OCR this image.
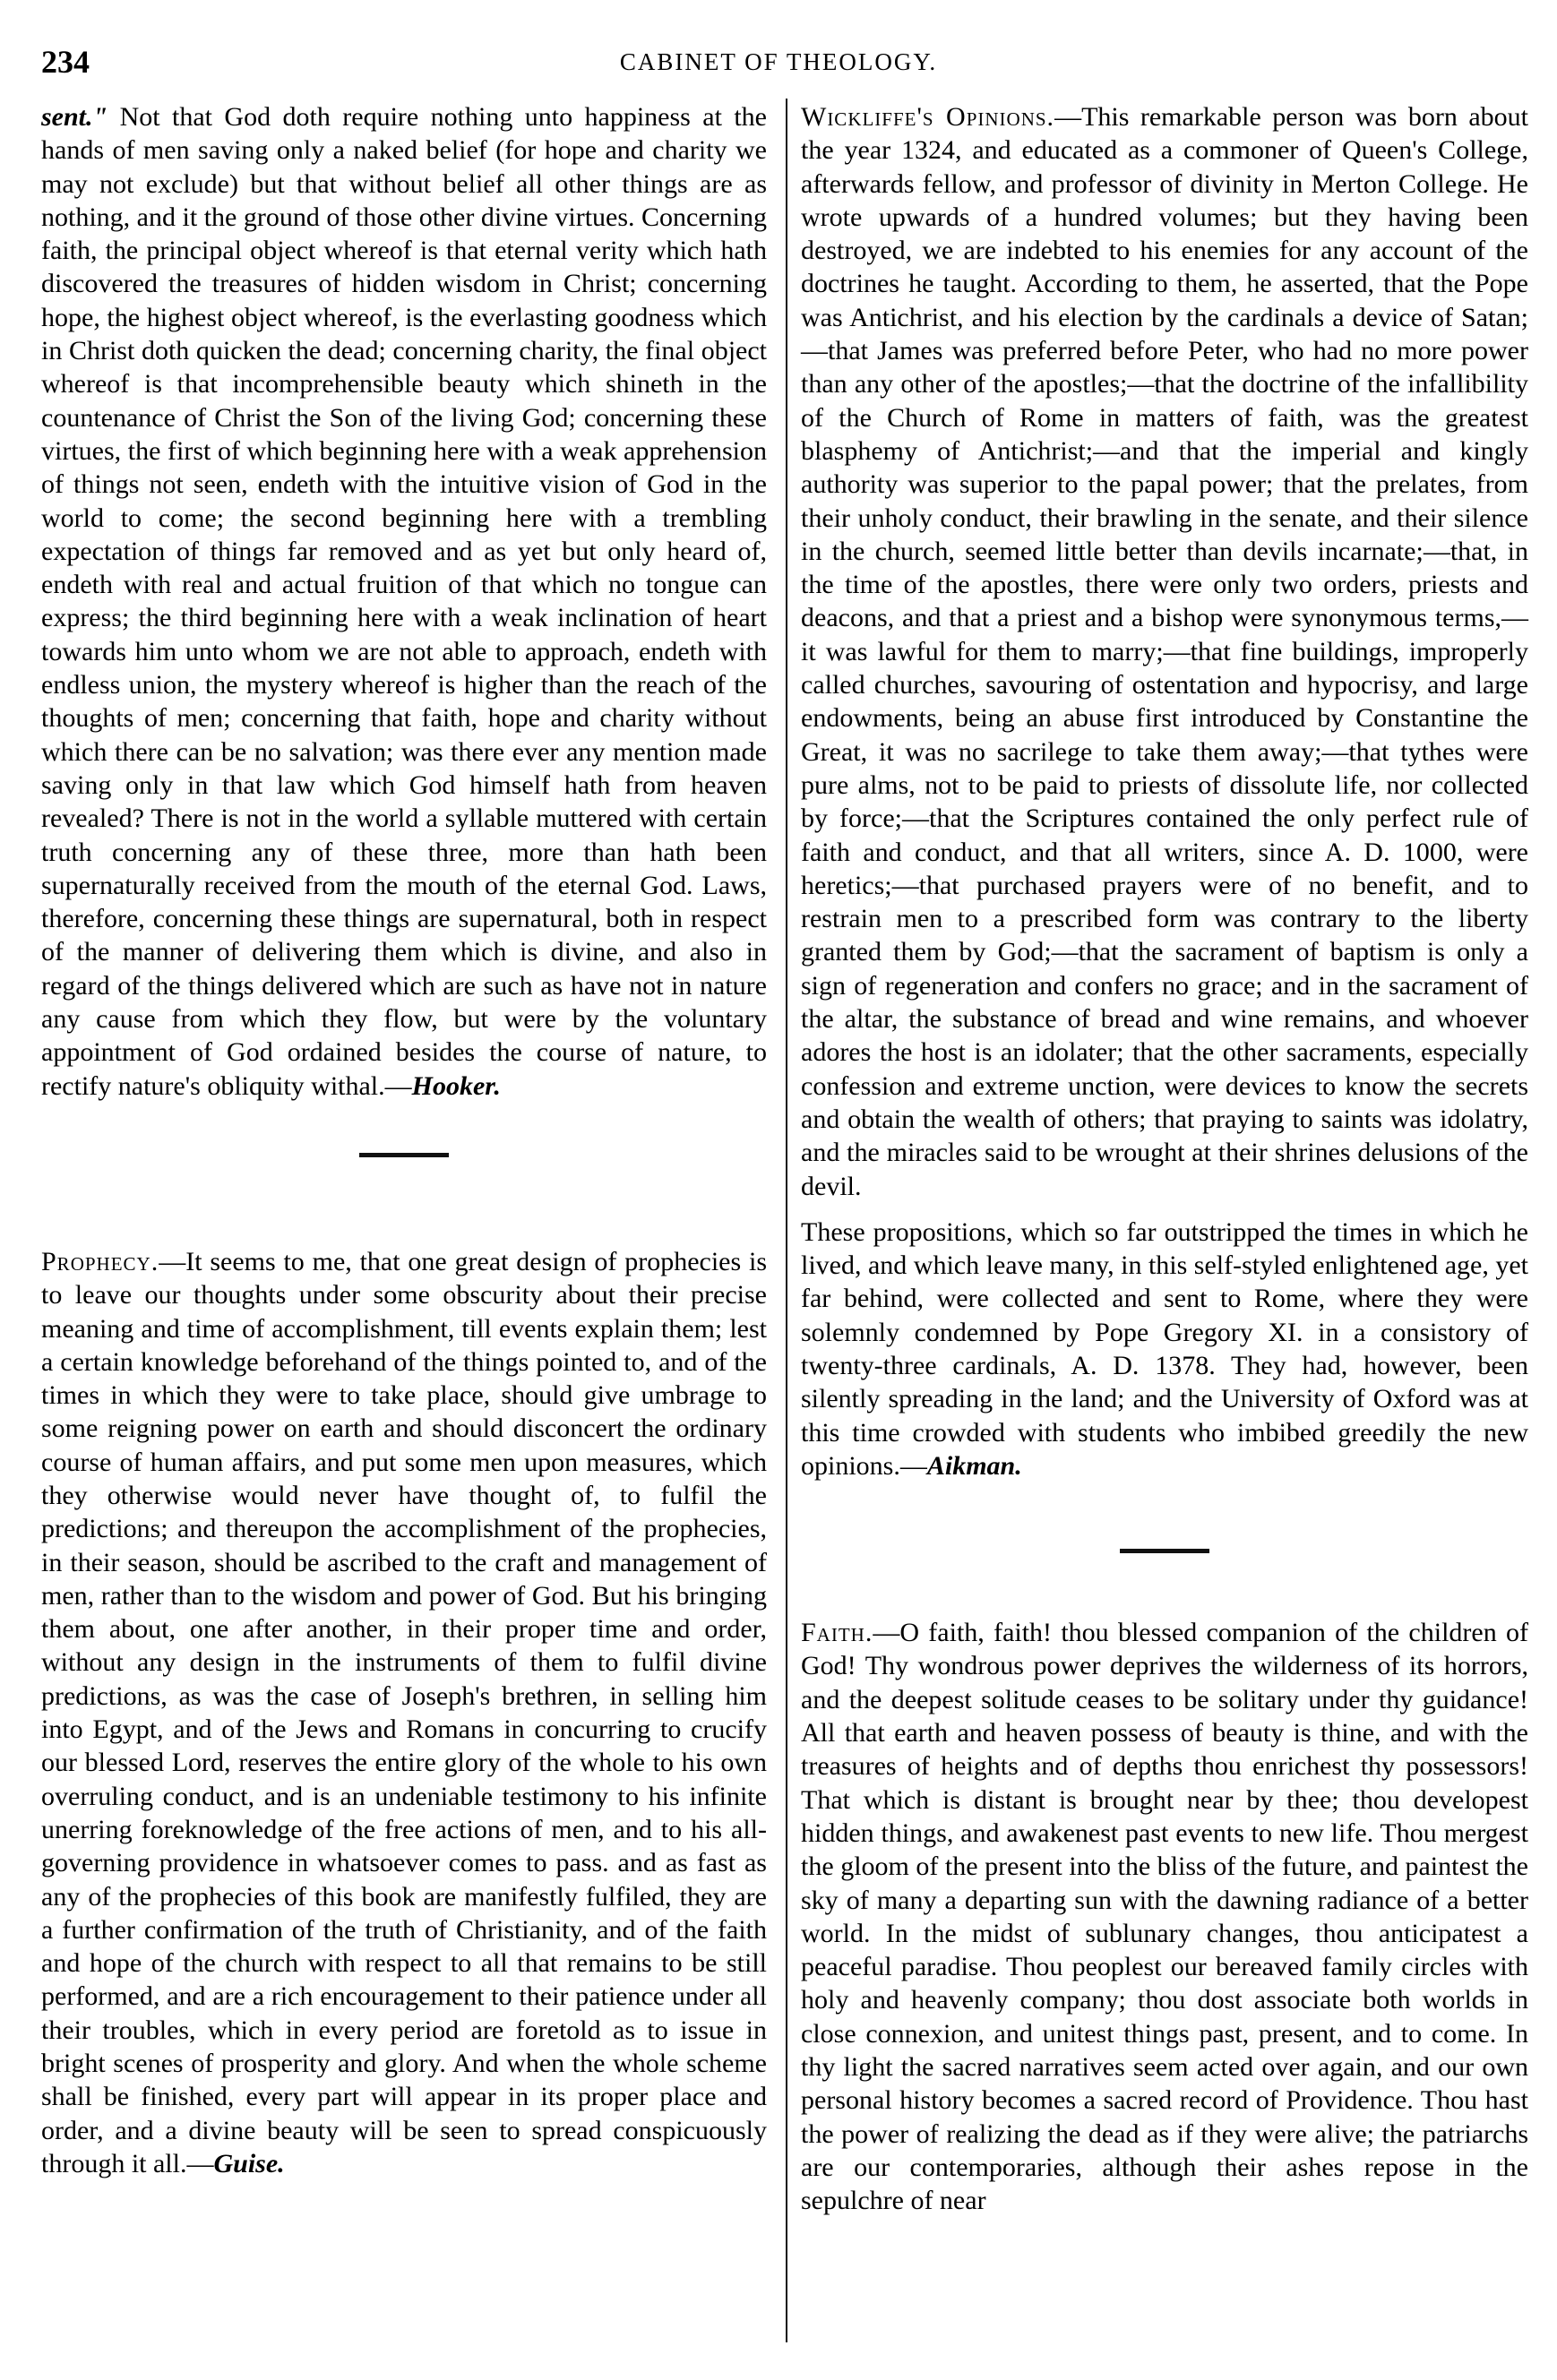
234	CABINET OF THEOLOGY.

sent." Not that God doth require nothing unto happiness at the hands of men saving only a naked belief (for hope and charity we may not exclude) but that without belief all other things are as nothing, and it the ground of those other divine virtues. Concerning faith, the principal object whereof is that eternal verity which hath discovered the treasures of hidden wisdom in Christ; concerning hope, the highest object whereof, is the everlasting goodness which in Christ doth quicken the dead; concerning charity, the final object whereof is that incomprehensible beauty which shineth in the countenance of Christ the Son of the living God; concerning these virtues, the first of which beginning here with a weak apprehension of things not seen, endeth with the intuitive vision of God in the world to come; the second beginning here with a trembling expectation of things far removed and as yet but only heard of, endeth with real and actual fruition of that which no tongue can express; the third beginning here with a weak inclination of heart towards him unto whom we are not able to approach, endeth with endless union, the mystery whereof is higher than the reach of the thoughts of men; concerning that faith, hope and charity without which there can be no salvation; was there ever any mention made saving only in that law which God himself hath from heaven revealed? There is not in the world a syllable muttered with certain truth concerning any of these three, more than hath been supernaturally received from the mouth of the eternal God. Laws, therefore, concerning these things are supernatural, both in respect of the manner of delivering them which is divine, and also in regard of the things delivered which are such as have not in nature any cause from which they flow, but were by the voluntary appointment of God ordained besides the course of nature, to rectify nature's obliquity withal.—Hooker.

Prophecy.—It seems to me, that one great design of prophecies is to leave our thoughts under some obscurity about their precise meaning and time of accomplishment, till events explain them; lest a certain knowledge beforehand of the things pointed to, and of the times in which they were to take place, should give umbrage to some reigning power on earth and should disconcert the ordinary course of human affairs, and put some men upon measures, which they otherwise would never have thought of, to fulfil the predictions; and thereupon the accomplishment of the prophecies, in their season, should be ascribed to the craft and management of men, rather than to the wisdom and power of God. But his bringing them about, one after another, in their proper time and order, without any design in the instruments of them to fulfil divine predictions, as was the case of Joseph's brethren, in selling him into Egypt, and of the Jews and Romans in concurring to crucify our blessed Lord, reserves the entire glory of the whole to his own overruling conduct, and is an undeniable testimony to his infinite unerring foreknowledge of the free actions of men, and to his all-governing providence in whatsoever comes to pass. and as fast as any of the prophecies of this book are manifestly fulfiled, they are a further confirmation of the truth of Christianity, and of the faith and hope of the church with respect to all that remains to be still performed, and are a rich encouragement to their patience under all their troubles, which in every period are foretold as to issue in bright scenes of prosperity and glory. And when the whole scheme shall be finished, every part will appear in its proper place and order, and a divine beauty will be seen to spread conspicuously through it all.—Guise.

Wickliffe's Opinions.—This remarkable person was born about the year 1324, and educated as a commoner of Queen's College, afterwards fellow, and professor of divinity in Merton College. He wrote upwards of a hundred volumes; but they having been destroyed, we are indebted to his enemies for any account of the doctrines he taught. According to them, he asserted, that the Pope was Antichrist, and his election by the cardinals a device of Satan;—that James was preferred before Peter, who had no more power than any other of the apostles;—that the doctrine of the infallibility of the Church of Rome in matters of faith, was the greatest blasphemy of Antichrist;—and that the imperial and kingly authority was superior to the papal power; that the prelates, from their unholy conduct, their brawling in the senate, and their silence in the church, seemed little better than devils incarnate;—that, in the time of the apostles, there were only two orders, priests and deacons, and that a priest and a bishop were synonymous terms,—it was lawful for them to marry;—that fine buildings, improperly called churches, savouring of ostentation and hypocrisy, and large endowments, being an abuse first introduced by Constantine the Great, it was no sacrilege to take them away;—that tythes were pure alms, not to be paid to priests of dissolute life, nor collected by force;—that the Scriptures contained the only perfect rule of faith and conduct, and that all writers, since A. D. 1000, were heretics;—that purchased prayers were of no benefit, and to restrain men to a prescribed form was contrary to the liberty granted them by God;—that the sacrament of baptism is only a sign of regeneration and confers no grace; and in the sacrament of the altar, the substance of bread and wine remains, and whoever adores the host is an idolater; that the other sacraments, especially confession and extreme unction, were devices to know the secrets and obtain the wealth of others; that praying to saints was idolatry, and the miracles said to be wrought at their shrines delusions of the devil.

These propositions, which so far outstripped the times in which he lived, and which leave many, in this self-styled enlightened age, yet far behind, were collected and sent to Rome, where they were solemnly condemned by Pope Gregory XI. in a consistory of twenty-three cardinals, A. D. 1378. They had, however, been silently spreading in the land; and the University of Oxford was at this time crowded with students who imbibed greedily the new opinions.—Aikman.

Faith.—O faith, faith! thou blessed companion of the children of God! Thy wondrous power deprives the wilderness of its horrors, and the deepest solitude ceases to be solitary under thy guidance! All that earth and heaven possess of beauty is thine, and with the treasures of heights and of depths thou enrichest thy possessors! That which is distant is brought near by thee; thou developest hidden things, and awakenest past events to new life. Thou mergest the gloom of the present into the bliss of the future, and paintest the sky of many a departing sun with the dawning radiance of a better world. In the midst of sublunary changes, thou anticipatest a peaceful paradise. Thou peoplest our bereaved family circles with holy and heavenly company; thou dost associate both worlds in close connexion, and unitest things past, present, and to come. In thy light the sacred narratives seem acted over again, and our own personal history becomes a sacred record of Providence. Thou hast the power of realizing the dead as if they were alive; the patriarchs are our contemporaries, although their ashes repose in the sepulchre of near
